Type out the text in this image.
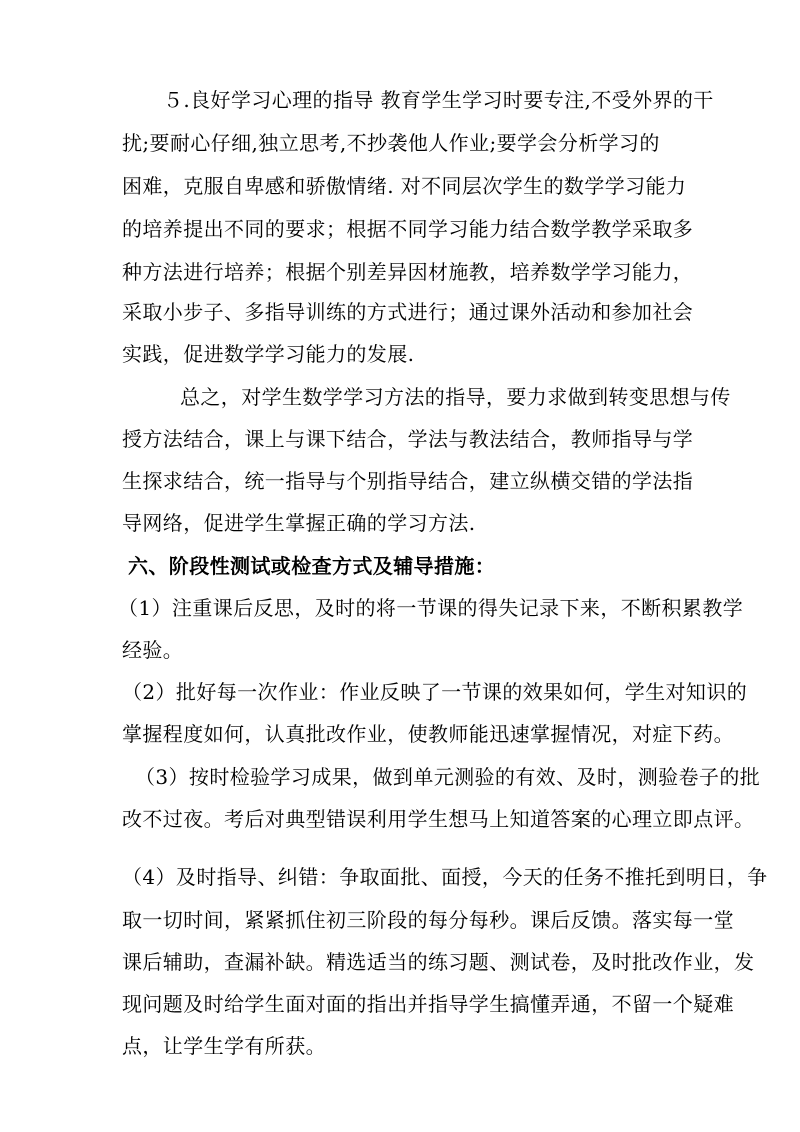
５.良好学习心理的指导 教育学生学习时要专注,不受外界的干
扰;要耐心仔细,独立思考,不抄袭他人作业;要学会分析学习的
困难，克服自卑感和骄傲情绪. 对不同层次学生的数学学习能力
的培养提出不同的要求；根据不同学习能力结合数学教学采取多
种方法进行培养；根据个别差异因材施教，培养数学学习能力，
采取小步子、多指导训练的方式进行；通过课外活动和参加社会
实践，促进数学学习能力的发展.
总之，对学生数学学习方法的指导，要力求做到转变思想与传
授方法结合，课上与课下结合，学法与教法结合，教师指导与学
生探求结合，统一指导与个别指导结合，建立纵横交错的学法指
导网络，促进学生掌握正确的学习方法.
六、阶段性测试或检查方式及辅导措施：
（1）注重课后反思，及时的将一节课的得失记录下来，不断积累教学
经验。
（2）批好每一次作业：作业反映了一节课的效果如何，学生对知识的
掌握程度如何，认真批改作业，使教师能迅速掌握情况，对症下药。
（3）按时检验学习成果，做到单元测验的有效、及时，测验卷子的批
改不过夜。考后对典型错误利用学生想马上知道答案的心理立即点评。
（4）及时指导、纠错：争取面批、面授，今天的任务不推托到明日，争
取一切时间，紧紧抓住初三阶段的每分每秒。课后反馈。落实每一堂
课后辅助，查漏补缺。精选适当的练习题、测试卷，及时批改作业，发
现问题及时给学生面对面的指出并指导学生搞懂弄通，不留一个疑难
点，让学生学有所获。
